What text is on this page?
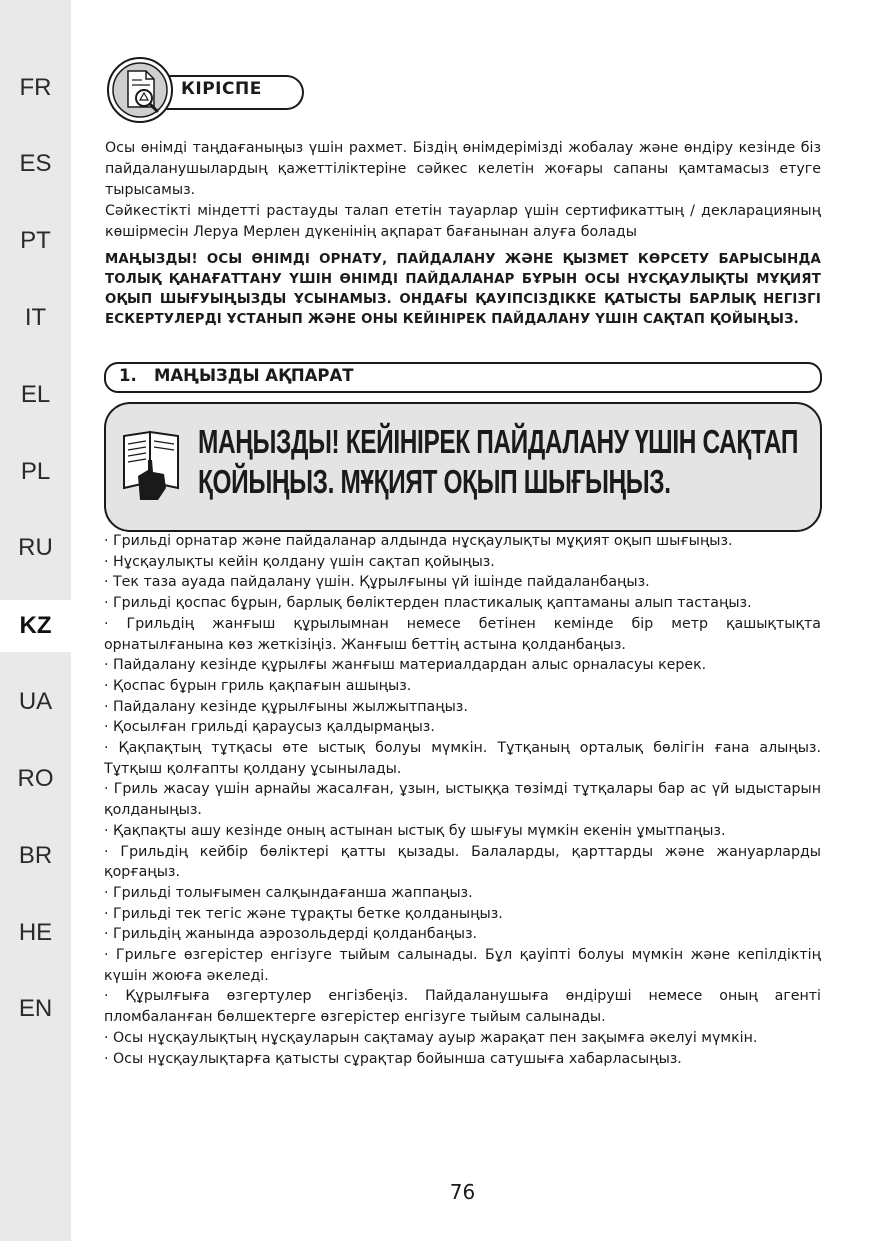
FR
ES
PT
IT
EL
PL
RU
KZ
UA
RO
BR
HE
EN
КІРІСПЕ
Осы өнімді таңдағаныңыз үшін рахмет. Біздің өнімдерімізді жобалау және өндіру кезінде біз пайдаланушылардың қажеттіліктеріне сәйкес келетін жоғары сапаны қамтамасыз етуге тырысамыз.
Сәйкестікті міндетті растауды талап ететін тауарлар үшін сертификаттың / декларацияның көшірмесін Леруа Мерлен дүкенінің ақпарат бағанынан алуға болады
МАҢЫЗДЫ! ОСЫ ӨНІМДІ ОРНАТУ, ПАЙДАЛАНУ ЖӘНЕ ҚЫЗМЕТ КӨРСЕТУ БАРЫСЫНДА ТОЛЫҚ ҚАНАҒАТТАНУ ҮШІН ӨНІМДІ ПАЙДАЛАНАР БҰРЫН ОСЫ НҰСҚАУЛЫҚТЫ МҰҚИЯТ ОҚЫП ШЫҒУЫҢЫЗДЫ ҰСЫНАМЫЗ. ОНДАҒЫ ҚАУІПСІЗДІККЕ ҚАТЫСТЫ БАРЛЫҚ НЕГІЗГІ ЕСКЕРТУЛЕРДІ ҰСТАНЫП ЖӘНЕ ОНЫ КЕЙІНІРЕК ПАЙДАЛАНУ ҮШІН САҚТАП ҚОЙЫҢЫЗ.
1.   МАҢЫЗДЫ АҚПАРАТ
МАҢЫЗДЫ! КЕЙІНІРЕК ПАЙДАЛАНУ ҮШІН САҚТАП
ҚОЙЫҢЫЗ. МҰҚИЯТ ОҚЫП ШЫҒЫҢЫЗ.
· Грильді орнатар және пайдаланар алдында нұсқаулықты мұқият оқып шығыңыз.
· Нұсқаулықты кейін қолдану үшін сақтап қойыңыз.
· Тек таза ауада пайдалану үшін. Құрылғыны үй ішінде пайдаланбаңыз.
· Грильді қоспас бұрын, барлық бөліктерден пластикалық қаптаманы алып тастаңыз.
· Грильдің жанғыш құрылымнан немесе бетінен кемінде бір метр қашықтықта орнатылғанына көз жеткізіңіз. Жанғыш беттің астына қолданбаңыз.
· Пайдалану кезінде құрылғы жанғыш материалдардан алыс орналасуы керек.
· Қоспас бұрын гриль қақпағын ашыңыз.
· Пайдалану кезінде құрылғыны жылжытпаңыз.
· Қосылған грильді қараусыз қалдырмаңыз.
· Қақпақтың тұтқасы өте ыстық болуы мүмкін. Тұтқаның орталық бөлігін ғана алыңыз. Тұтқыш қолғапты қолдану ұсынылады.
· Гриль жасау үшін арнайы жасалған, ұзын, ыстыққа төзімді тұтқалары бар ас үй ыдыстарын қолданыңыз.
· Қақпақты ашу кезінде оның астынан ыстық бу шығуы мүмкін екенін ұмытпаңыз.
· Грильдің кейбір бөліктері қатты қызады. Балаларды, қарттарды және жануарларды қорғаңыз.
· Грильді толығымен салқындағанша жаппаңыз.
· Грильді тек тегіс және тұрақты бетке қолданыңыз.
· Грильдің жанында аэрозольдерді қолданбаңыз.
· Грильге өзгерістер енгізуге тыйым салынады. Бұл қауіпті болуы мүмкін және кепілдіктің күшін жоюға әкеледі.
· Құрылғыға өзгертулер енгізбеңіз. Пайдаланушыға өндіруші немесе оның агенті пломбаланған бөлшектерге өзгерістер енгізуге тыйым салынады.
· Осы нұсқаулықтың нұсқауларын сақтамау ауыр жарақат пен зақымға әкелуі мүмкін.
· Осы нұсқаулықтарға қатысты сұрақтар бойынша сатушыға хабарласыңыз.
76
